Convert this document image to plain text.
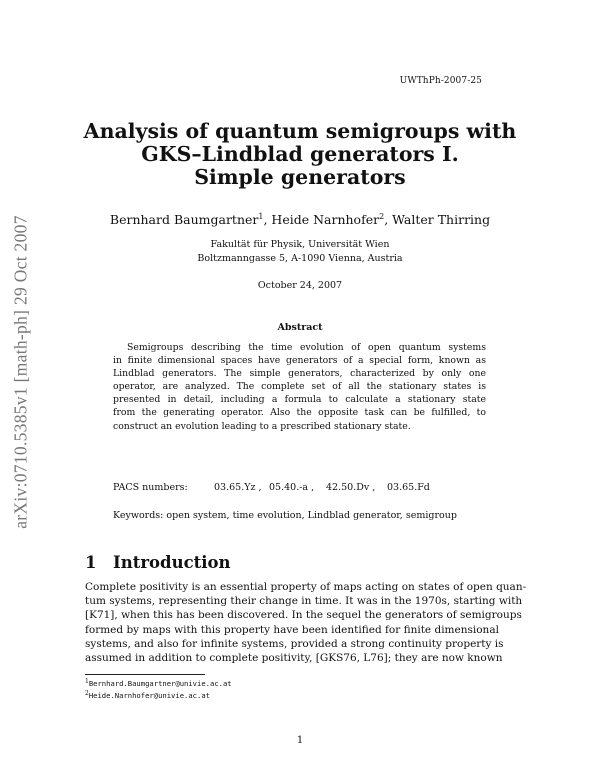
arXiv:0710.5385v1 [math-ph] 29 Oct 2007
UWThPh-2007-25
Analysis of quantum semigroups with
GKS–Lindblad generators I.
Simple generators
Bernhard Baumgartner$^1$, Heide Narnhofer$^2$, Walter Thirring
Fakultät für Physik, Universität Wien
Boltzmanngasse 5, A-1090 Vienna, Austria
October 24, 2007
Abstract
Semigroups describing the time evolution of open quantum systems
in finite dimensional spaces have generators of a special form, known as
Lindblad generators. The simple generators, characterized by only one
operator, are analyzed. The complete set of all the stationary states is
presented in detail, including a formula to calculate a stationary state
from the generating operator. Also the opposite task can be fulfilled, to
construct an evolution leading to a prescribed stationary state.
PACS numbers:	03.65.Yz , 05.40.-a , 42.50.Dv , 03.65.Fd
Keywords: open system, time evolution, Lindblad generator, semigroup
1 Introduction
Complete positivity is an essential property of maps acting on states of open quan-
tum systems, representing their change in time. It was in the 1970s, starting with
[K71], when this has been discovered. In the sequel the generators of semigroups
formed by maps with this property have been identified for finite dimensional
systems, and also for infinite systems, provided a strong continuity property is
assumed in addition to complete positivity, [GKS76, L76]; they are now known
$^1$Bernhard.Baumgartner@univie.ac.at
$^2$Heide.Narnhofer@univie.ac.at
1
